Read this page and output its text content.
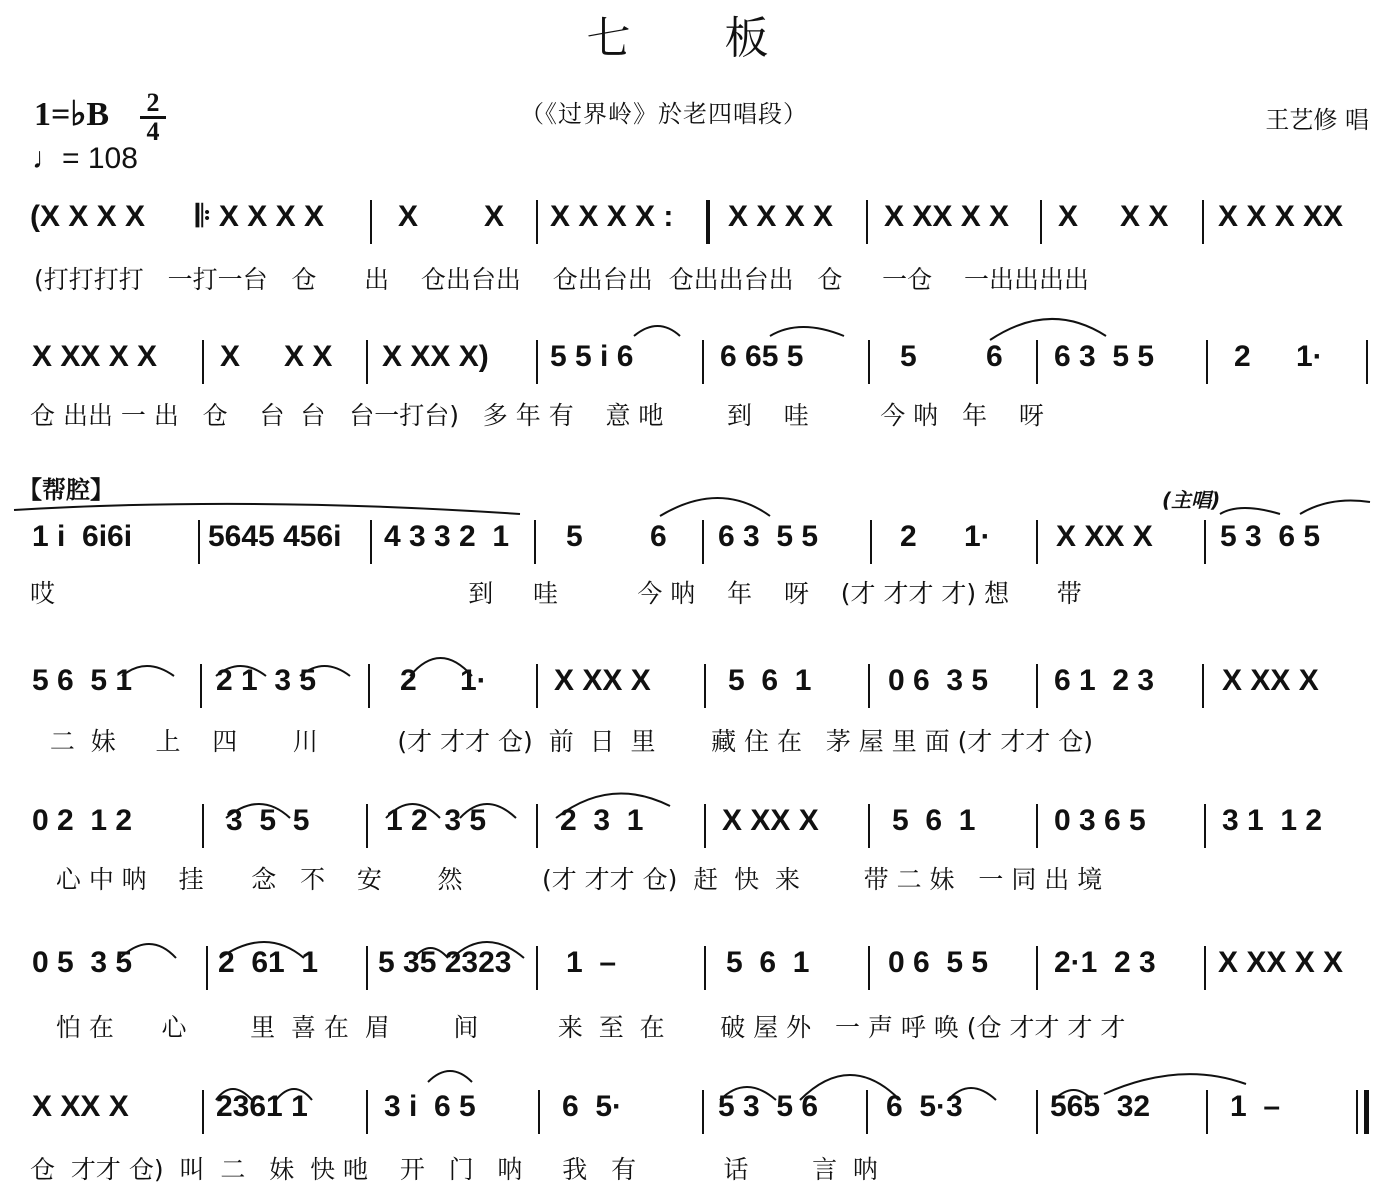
七 板
（《过界岭》於老四唱段）	王艺修 唱
1=♭B 2
4
♩= 108
(X X X X 𝄆 X X X X X X X X X X : X X X X X XX X X X X X X X X XX
(打打打打   一打一台   仓      出    仓出台出    仓出台出  仓出出台出   仓     一仓    一出出出出
X XX X X X X X X XX X) 5 5 i 6	6 65 5	5 6 6 3  5 5	2 1·
仓 出出 一 出   仓    台  台   台一打台)   多 年 有    意 吔        到    哇         今 呐   年    呀
【帮腔】	(主唱)
1 i  6i6i	5645 456i 4 3 3 2  1 5 6 6 3  5 5	2 1· X XX X 5 3  6 5
哎                                                    到     哇          今 呐    年    呀    (才 才才 才) 想      带
5 6  5 1	2 1  3 5	2 1· X XX X	5  6  1	0 6  3 5 6 1  2 3 X XX X
二  妹     上    四       川          (才 才才 仓)  前  日  里       藏 住 在   茅 屋 里 面 (才 才才 仓)
0 2  1 2	3  5  5	1 2  3 5 2  3  1	X XX X 5  6  1	0 3 6 5	3 1  1 2
心 中 呐    挂      念   不    安       然          (才 才才 仓)  赶  快  来        带 二 妹   一 同 出 境
0 5  3 5	2  61  1 5 35 2323 1  –	5  6  1	0 6  5 5 2·1  2 3 X XX X X
怕 在      心        里  喜 在  眉        间          来  至  在       破 屋 外   一 声 呼 唤 (仓 才才 才 才
X XX X	2361 1	3 i  6 5	6  5·	5 3  5 6 6  5·3	565  32	1  –
仓  才才 仓)  叫  二   妹  快 吔    开   门   呐     我   有           话        言  呐
